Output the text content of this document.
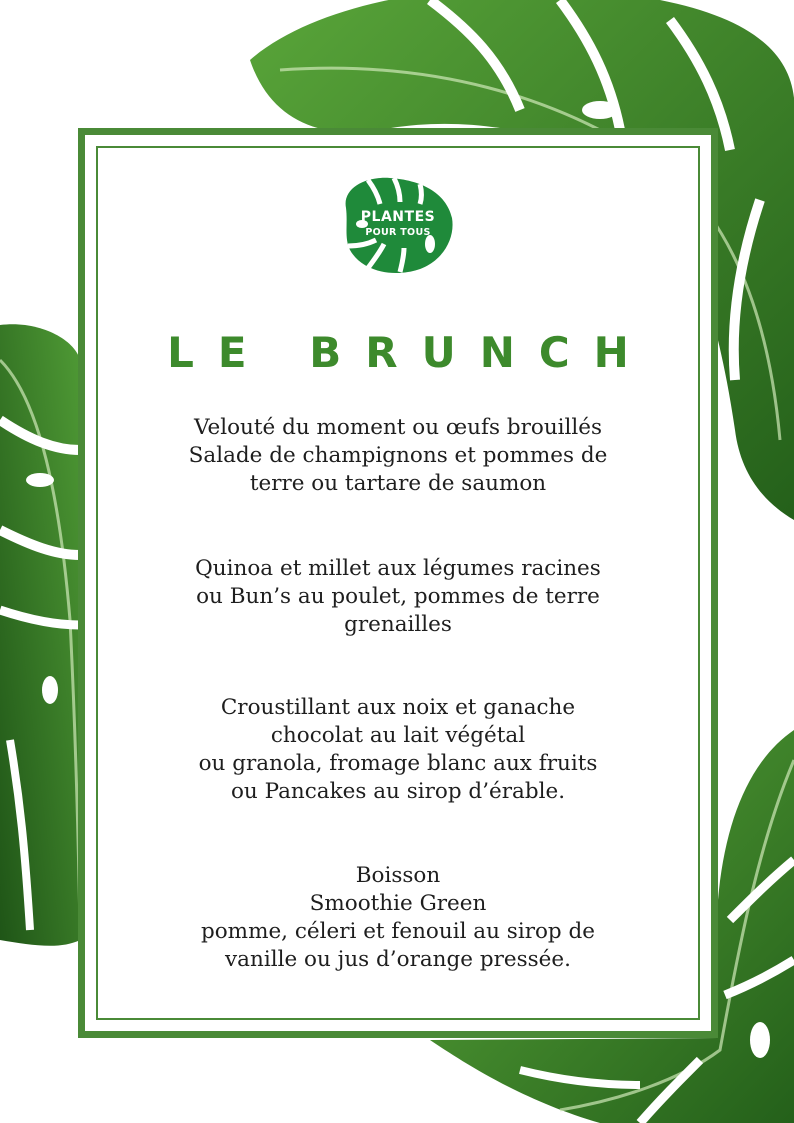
PLANTES
POUR TOUS
LE BRUNCH
Velouté du moment ou œufs brouillés
Salade de champignons et pommes de
terre ou tartare de saumon
Quinoa et millet aux légumes racines
ou Bun’s au poulet, pommes de terre
grenailles
Croustillant aux noix et ganache
chocolat au lait végétal
ou granola, fromage blanc aux fruits
ou Pancakes au sirop d’érable.
Boisson
Smoothie Green
pomme, céleri et fenouil au sirop de
vanille ou jus d’orange pressée.
